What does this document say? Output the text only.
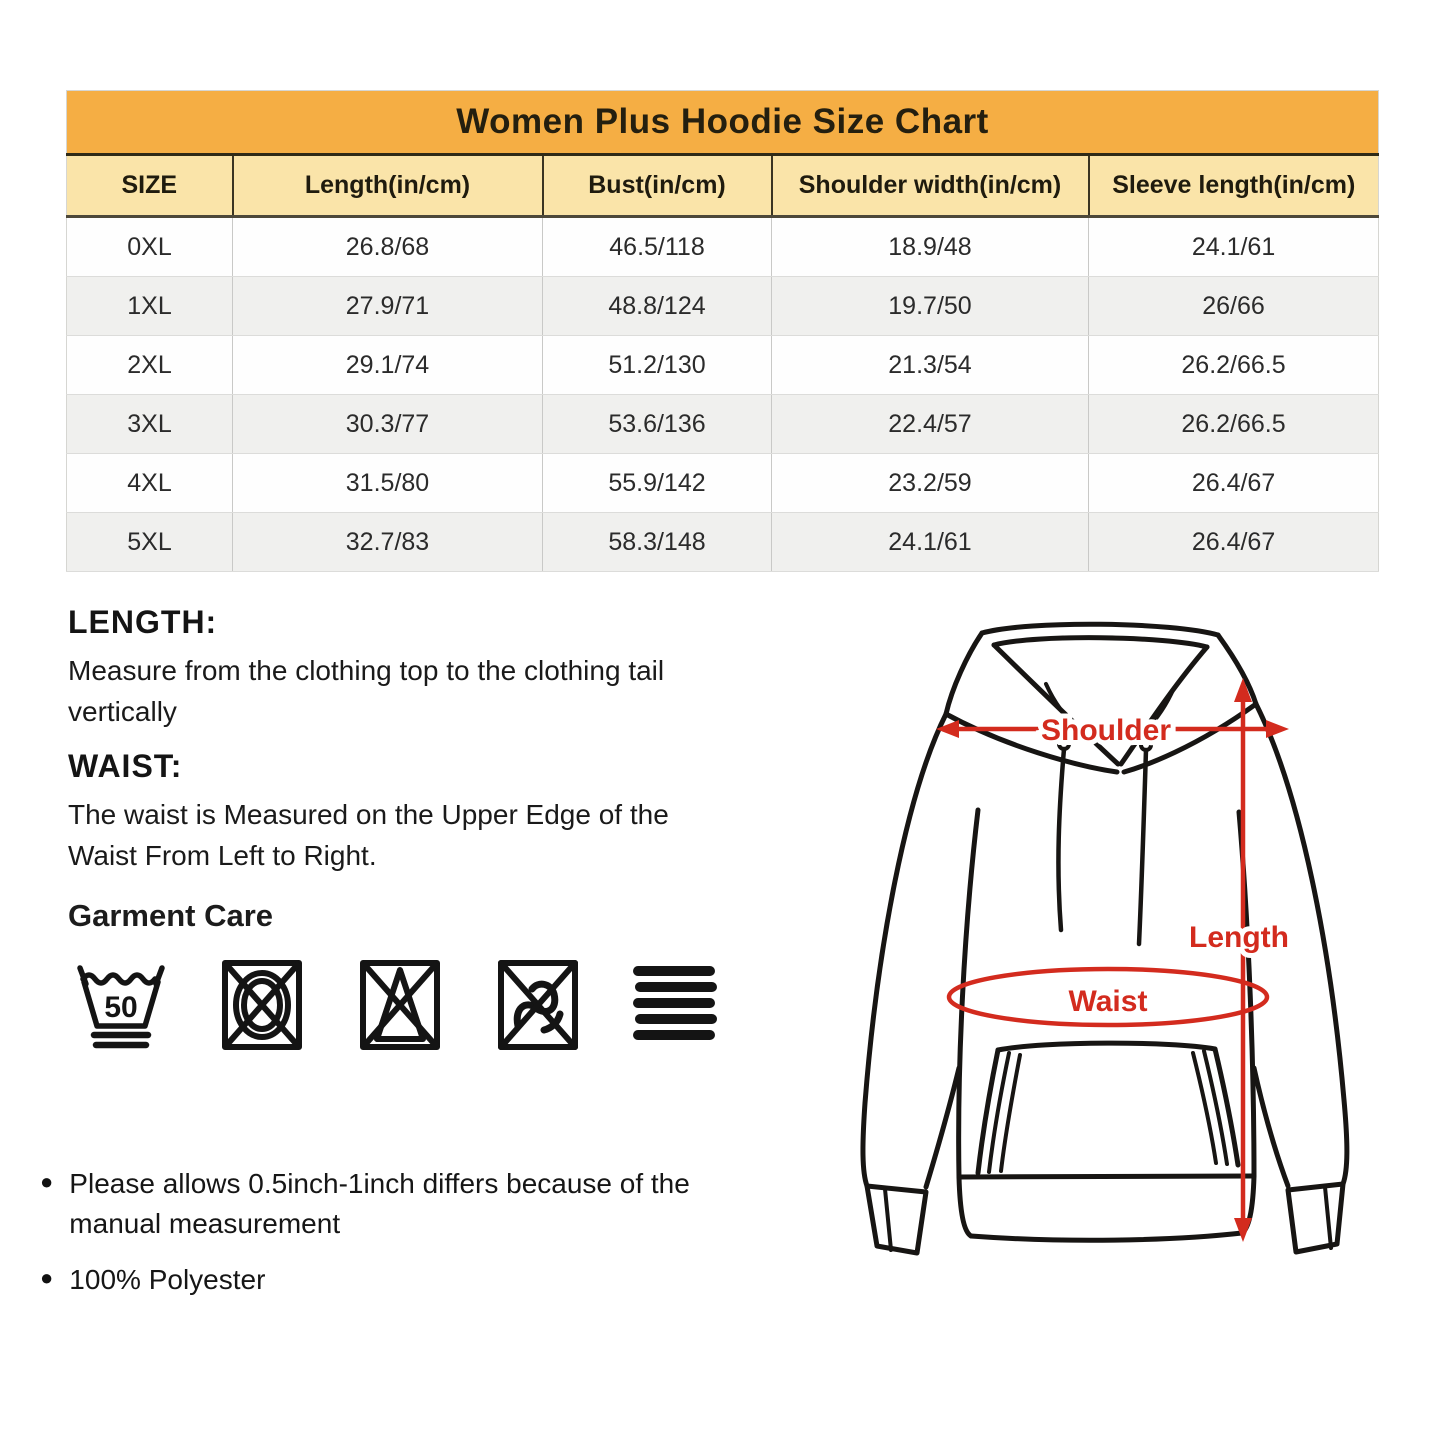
Women Plus Hoodie Size Chart				
SIZE	Length(in/cm)	Bust(in/cm)	Shoulder width(in/cm)	Sleeve length(in/cm)
0XL	26.8/68	46.5/118	18.9/48	24.1/61
1XL	27.9/71	48.8/124	19.7/50	26/66
2XL	29.1/74	51.2/130	21.3/54	26.2/66.5
3XL	30.3/77	53.6/136	22.4/57	26.2/66.5
4XL	31.5/80	55.9/142	23.2/59	26.4/67
5XL	32.7/83	58.3/148	24.1/61	26.4/67
LENGTH:

Measure from the clothing top to the clothing tail vertically

WAIST:

The waist is Measured on the Upper Edge of the Waist From Left to Right.

Garment Care
50
● Please allows 0.5inch-1inch differs because of the manual measurement
● 100% Polyester
Shoulder
Length
Waist
